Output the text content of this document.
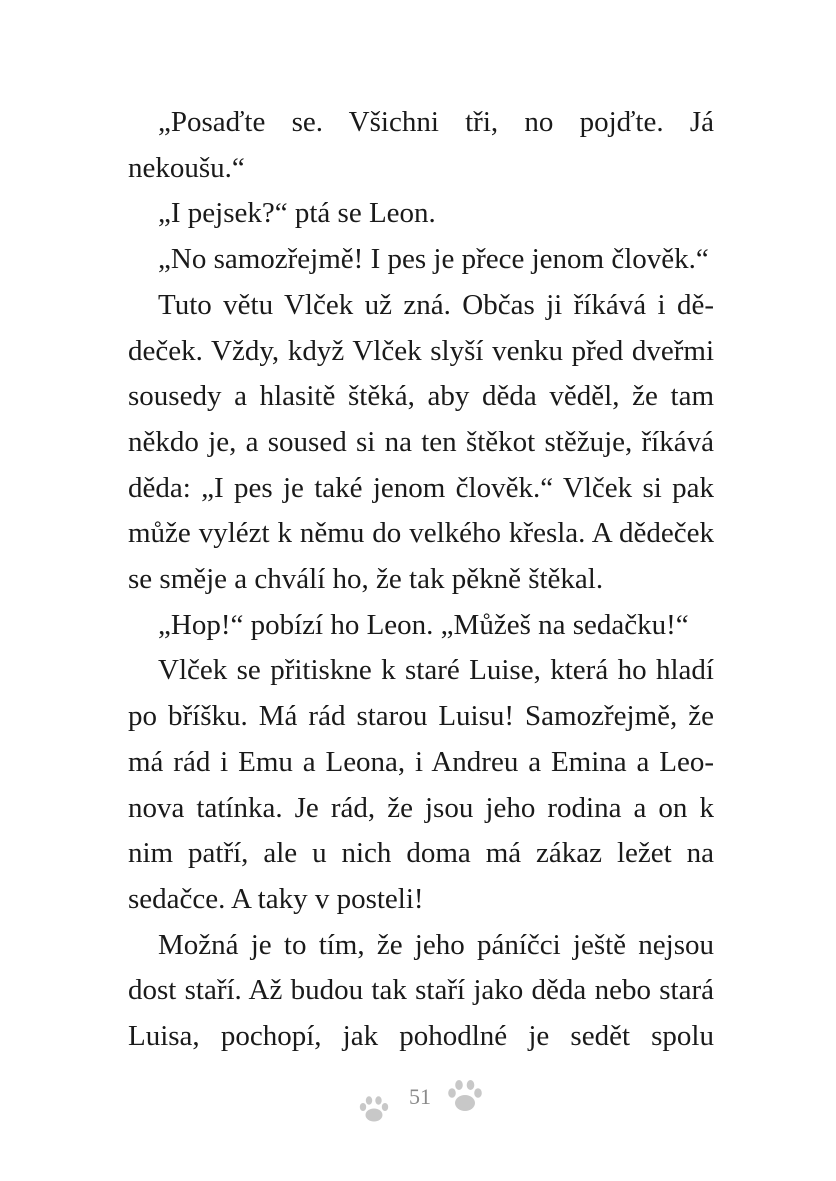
„Posaďte se. Všichni tři, no pojďte. Já nekoušu.“

„I pejsek?“ ptá se Leon.

„No samozřejmě! I pes je přece jenom člověk.“

Tuto větu Vlček už zná. Občas ji říkává i dědeček. Vždy, když Vlček slyší venku před dveřmi sousedy a hlasitě štěká, aby děda věděl, že tam někdo je, a soused si na ten štěkot stěžuje, říkává děda: „I pes je také jenom člověk.“ Vlček si pak může vylézt k němu do velkého křesla. A dědeček se směje a chválí ho, že tak pěkně štěkal.

„Hop!“ pobízí ho Leon. „Můžeš na sedačku!“

Vlček se přitiskne k staré Luise, která ho hladí po bříšku. Má rád starou Luisu! Samozřejmě, že má rád i Emu a Leona, i Andreu a Emina a Leonova tatínka. Je rád, že jsou jeho rodina a on k nim patří, ale u nich doma má zákaz ležet na sedačce. A taky v posteli!

Možná je to tím, že jeho páníčci ještě nejsou dost staří. Až budou tak staří jako děda nebo stará Luisa, pochopí, jak pohodlné je sedět spolu

51
